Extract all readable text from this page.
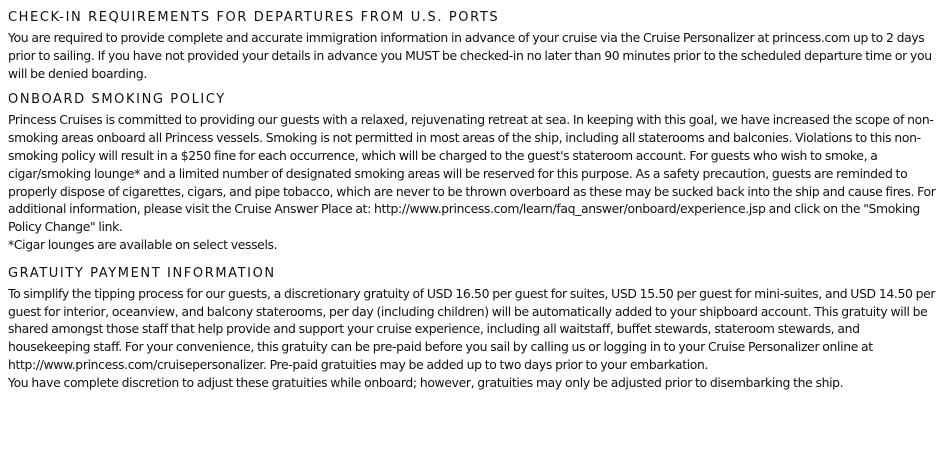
CHECK-IN REQUIREMENTS FOR DEPARTURES FROM U.S. PORTS

You are required to provide complete and accurate immigration information in advance of your cruise via the Cruise Personalizer at princess.com up to 2 days prior to sailing. If you have not provided your details in advance you MUST be checked-in no later than 90 minutes prior to the scheduled departure time or you will be denied boarding.

ONBOARD SMOKING POLICY

Princess Cruises is committed to providing our guests with a relaxed, rejuvenating retreat at sea. In keeping with this goal, we have increased the scope of non-smoking areas onboard all Princess vessels. Smoking is not permitted in most areas of the ship, including all staterooms and balconies. Violations to this non-smoking policy will result in a $250 fine for each occurrence, which will be charged to the guest's stateroom account. For guests who wish to smoke, a cigar/smoking lounge* and a limited number of designated smoking areas will be reserved for this purpose. As a safety precaution, guests are reminded to properly dispose of cigarettes, cigars, and pipe tobacco, which are never to be thrown overboard as these may be sucked back into the ship and cause fires. For additional information, please visit the Cruise Answer Place at: http://www.princess.com/learn/faq_answer/onboard/experience.jsp and click on the "Smoking Policy Change" link.

*Cigar lounges are available on select vessels.

GRATUITY PAYMENT INFORMATION

To simplify the tipping process for our guests, a discretionary gratuity of USD 16.50 per guest for suites, USD 15.50 per guest for mini-suites, and USD 14.50 per guest for interior, oceanview, and balcony staterooms, per day (including children) will be automatically added to your shipboard account. This gratuity will be shared amongst those staff that help provide and support your cruise experience, including all waitstaff, buffet stewards, stateroom stewards, and housekeeping staff. For your convenience, this gratuity can be pre-paid before you sail by calling us or logging in to your Cruise Personalizer online at http://www.princess.com/cruisepersonalizer. Pre-paid gratuities may be added up to two days prior to your embarkation.

You have complete discretion to adjust these gratuities while onboard; however, gratuities may only be adjusted prior to disembarking the ship.
